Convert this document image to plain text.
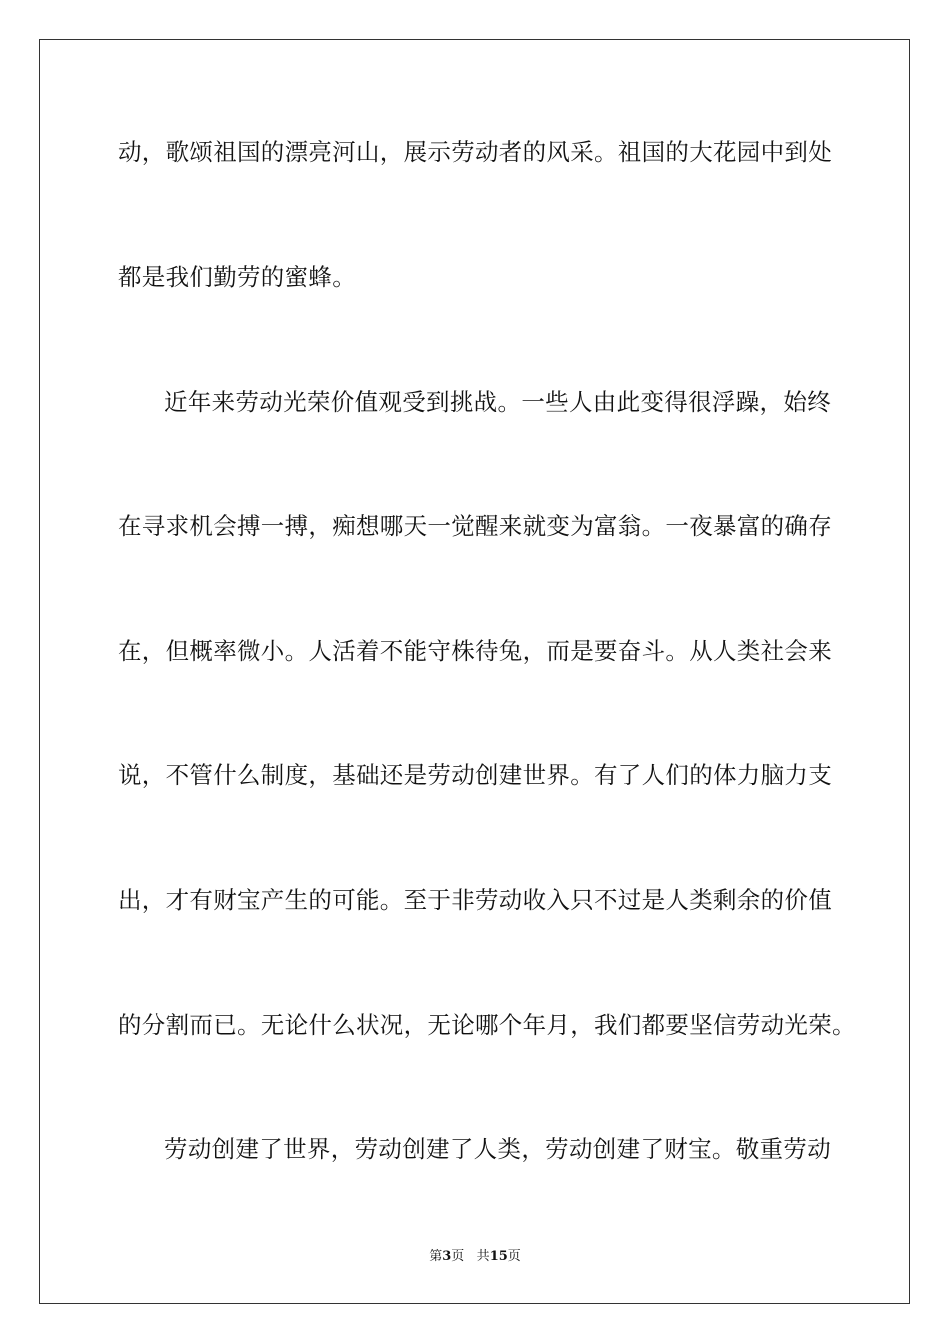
动，歌颂祖国的漂亮河山，展示劳动者的风采。祖国的大花园中到处
都是我们勤劳的蜜蜂。
近年来劳动光荣价值观受到挑战。一些人由此变得很浮躁，始终
在寻求机会搏一搏，痴想哪天一觉醒来就变为富翁。一夜暴富的确存
在，但概率微小。人活着不能守株待兔，而是要奋斗。从人类社会来
说，不管什么制度，基础还是劳动创建世界。有了人们的体力脑力支
出，才有财宝产生的可能。至于非劳动收入只不过是人类剩余的价值
的分割而已。无论什么状况，无论哪个年月，我们都要坚信劳动光荣。
劳动创建了世界，劳动创建了人类，劳动创建了财宝。敬重劳动
第3页 共15页
